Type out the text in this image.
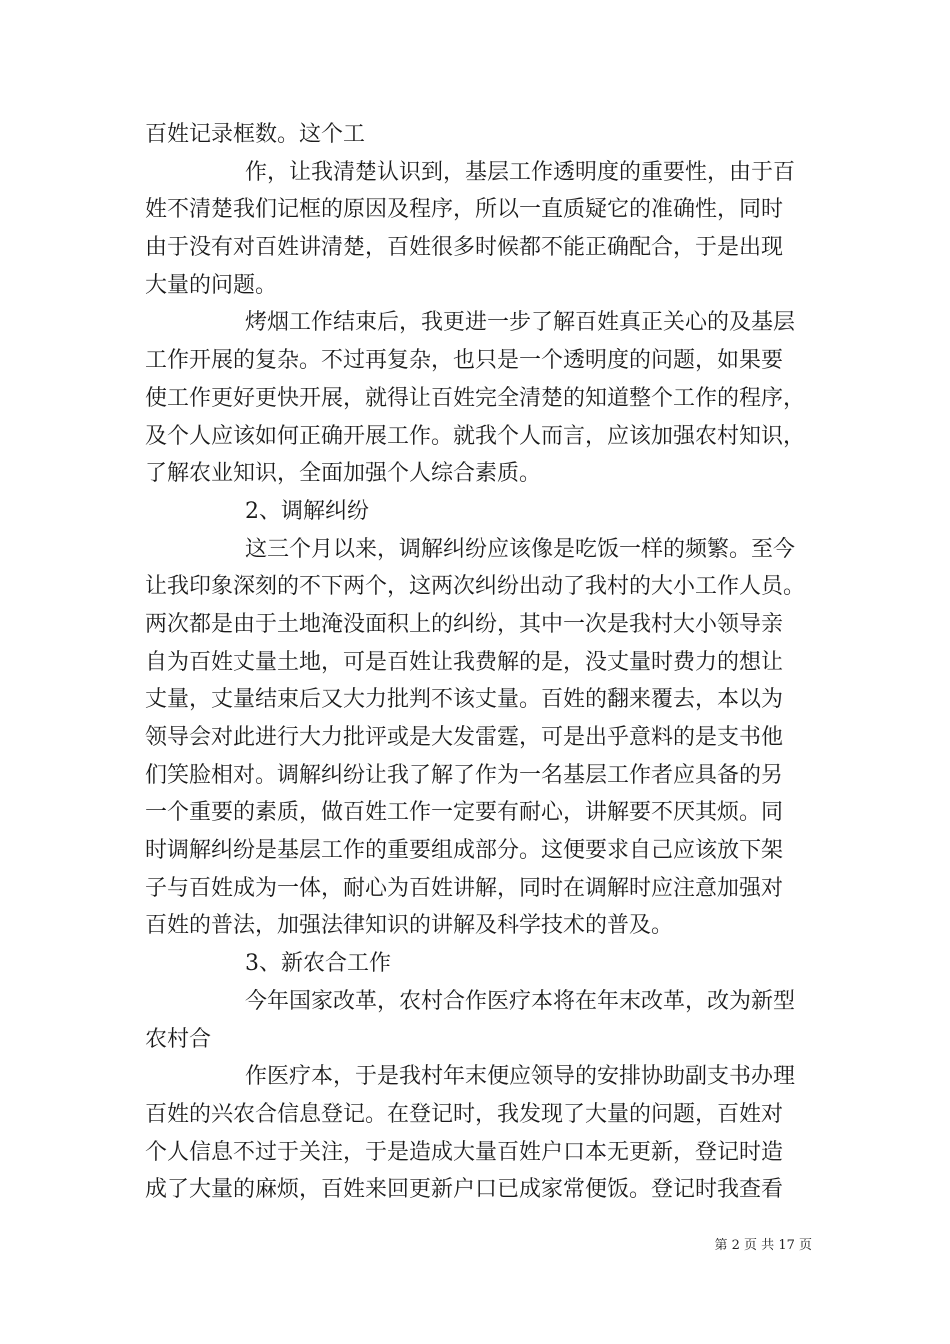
百姓记录框数。这个工
作，让我清楚认识到，基层工作透明度的重要性，由于百
姓不清楚我们记框的原因及程序，所以一直质疑它的准确性，同时
由于没有对百姓讲清楚，百姓很多时候都不能正确配合，于是出现
大量的问题。
烤烟工作结束后，我更进一步了解百姓真正关心的及基层
工作开展的复杂。不过再复杂，也只是一个透明度的问题，如果要
使工作更好更快开展，就得让百姓完全清楚的知道整个工作的程序，
及个人应该如何正确开展工作。就我个人而言，应该加强农村知识，
了解农业知识，全面加强个人综合素质。
2、调解纠纷
这三个月以来，调解纠纷应该像是吃饭一样的频繁。至今
让我印象深刻的不下两个，这两次纠纷出动了我村的大小工作人员。
两次都是由于土地淹没面积上的纠纷，其中一次是我村大小领导亲
自为百姓丈量土地，可是百姓让我费解的是，没丈量时费力的想让
丈量，丈量结束后又大力批判不该丈量。百姓的翻来覆去，本以为
领导会对此进行大力批评或是大发雷霆，可是出乎意料的是支书他
们笑脸相对。调解纠纷让我了解了作为一名基层工作者应具备的另
一个重要的素质，做百姓工作一定要有耐心，讲解要不厌其烦。同
时调解纠纷是基层工作的重要组成部分。这便要求自己应该放下架
子与百姓成为一体，耐心为百姓讲解，同时在调解时应注意加强对
百姓的普法，加强法律知识的讲解及科学技术的普及。
3、新农合工作
今年国家改革，农村合作医疗本将在年末改革，改为新型
农村合
作医疗本，于是我村年末便应领导的安排协助副支书办理
百姓的兴农合信息登记。在登记时，我发现了大量的问题，百姓对
个人信息不过于关注，于是造成大量百姓户口本无更新，登记时造
成了大量的麻烦，百姓来回更新户口已成家常便饭。登记时我查看
第 2 页 共 17 页
